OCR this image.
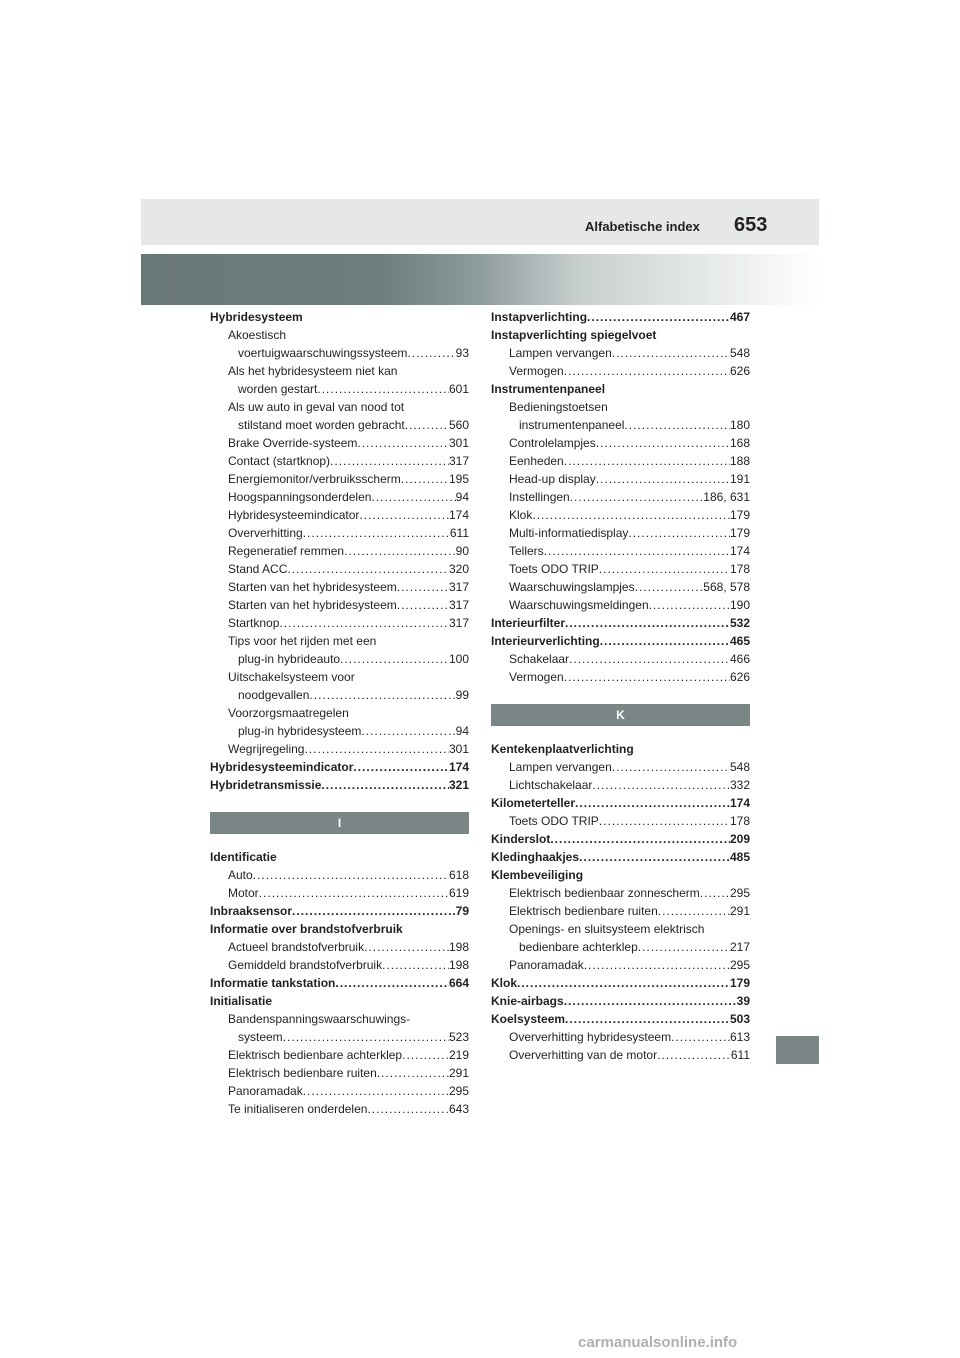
Alfabetische index 653
Hybridesysteem
Akoestisch
voertuigwaarschuwingssysteem .....	93
Als het hybridesysteem niet kan
worden gestart .....	601
Als uw auto in geval van nood tot
stilstand moet worden gebracht .....	560
Brake Override-systeem .....	301
Contact (startknop) .....	317
Energiemonitor/verbruiksscherm .....	195
Hoogspanningsonderdelen .....	94
Hybridesysteemindicator .....	174
Oververhitting .....	611
Regeneratief remmen .....	90
Stand ACC .....	320
Starten van het hybridesysteem .....	317
Starten van het hybridesysteem .....	317
Startknop .....	317
Tips voor het rijden met een
plug-in hybrideauto .....	100
Uitschakelsysteem voor
noodgevallen .....	99
Voorzorgsmaatregelen
plug-in hybridesysteem .....	94
Wegrijregeling .....	301
Hybridesysteemindicator .....	174
Hybridetransmissie .....	321
I
Identificatie
Auto .....	618
Motor .....	619
Inbraaksensor .....	79
Informatie over brandstofverbruik
Actueel brandstofverbruik .....	198
Gemiddeld brandstofverbruik .....	198
Informatie tankstation .....	664
Initialisatie
Bandenspanningswaarschuwings-
systeem .....	523
Elektrisch bedienbare achterklep .....	219
Elektrisch bedienbare ruiten .....	291
Panoramadak .....	295
Te initialiseren onderdelen .....	643
Instapverlichting .....	467
Instapverlichting spiegelvoet
Lampen vervangen .....	548
Vermogen .....	626
Instrumentenpaneel
Bedieningstoetsen
instrumentenpaneel .....	180
Controlelampjes .....	168
Eenheden .....	188
Head-up display .....	191
Instellingen .....	186, 631
Klok .....	179
Multi-informatiedisplay .....	179
Tellers .....	174
Toets ODO TRIP .....	178
Waarschuwingslampjes .....	568, 578
Waarschuwingsmeldingen .....	190
Interieurfilter .....	532
Interieurverlichting .....	465
Schakelaar .....	466
Vermogen .....	626
K
Kentekenplaatverlichting
Lampen vervangen .....	548
Lichtschakelaar .....	332
Kilometerteller .....	174
Toets ODO TRIP .....	178
Kinderslot .....	209
Kledinghaakjes .....	485
Klembeveiliging
Elektrisch bedienbaar zonnescherm .....	295
Elektrisch bedienbare ruiten .....	291
Openings- en sluitsysteem elektrisch
bedienbare achterklep .....	217
Panoramadak .....	295
Klok .....	179
Knie-airbags .....	39
Koelsysteem .....	503
Oververhitting hybridesysteem .....	613
Oververhitting van de motor .....	611
carmanualsonline.info
